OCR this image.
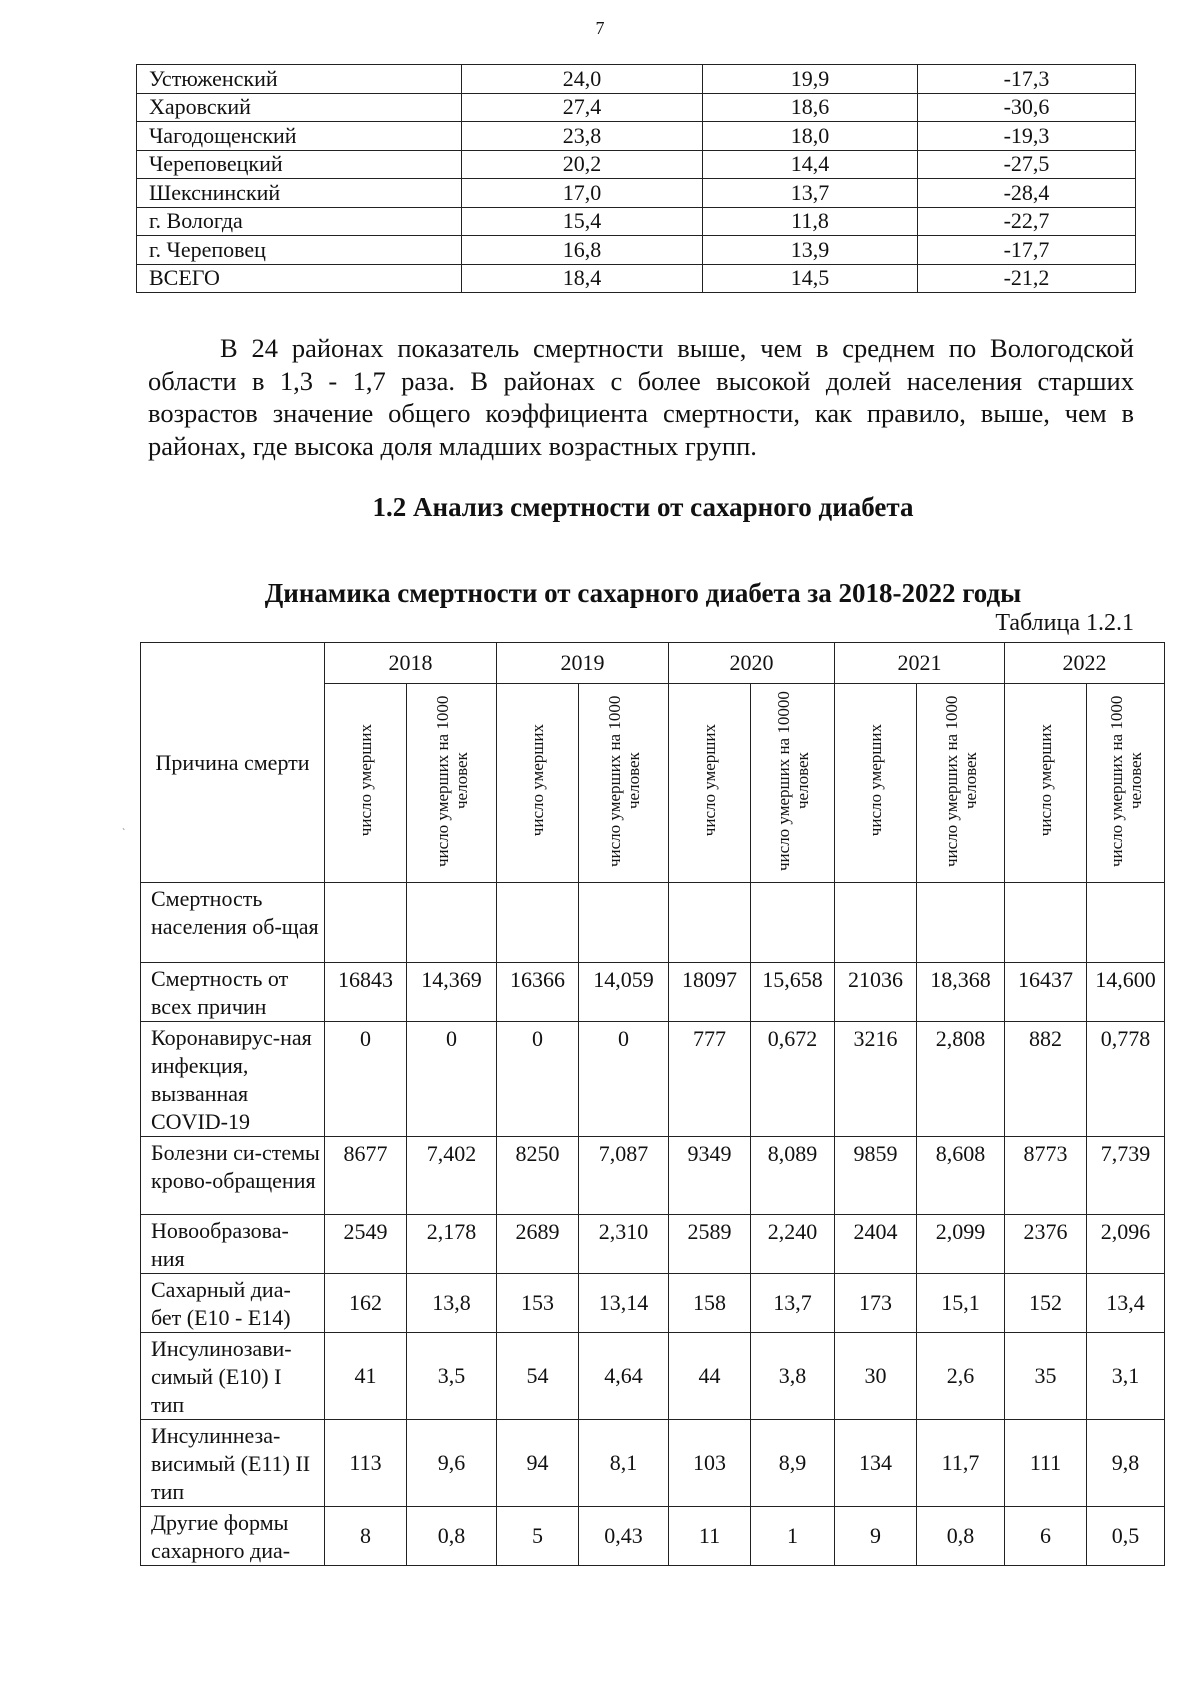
7
Устюженский	24,0	19,9	-17,3
Харовский	27,4	18,6	-30,6
Чагодощенский	23,8	18,0	-19,3
Череповецкий	20,2	14,4	-27,5
Шекснинский	17,0	13,7	-28,4
г. Вологда	15,4	11,8	-22,7
г. Череповец	16,8	13,9	-17,7
ВСЕГО	18,4	14,5	-21,2

В 24 районах показатель смертности выше, чем в среднем по Вологодской области в 1,3 - 1,7 раза. В районах с более высокой долей населения старших возрастов значение общего коэффициента смертности, как правило, выше, чем в районах, где высока доля младших возрастных групп.

1.2 Анализ смертности от сахарного диабета
Динамика смертности от сахарного диабета за 2018-2022 годы

Таблица 1.2.1

`
Причина смерти	2018		2019		2020		2021		2022	
	число умерших	число умерших на 1000 человек	число умерших	число умерших на 1000 человек	число умерших	число умерших на 10000 человек	число умерших	число умерших на 1000 человек	число умерших	число умерших на 1000 человек
Смертность населения об-щая										
Смертность от всех причин	16843	14,369	16366	14,059	18097	15,658	21036	18,368	16437	14,600
Коронавирус-ная инфекция, вызванная COVID-19	0	0	0	0	777	0,672	3216	2,808	882	0,778
Болезни си-стемы крово-обращения	8677	7,402	8250	7,087	9349	8,089	9859	8,608	8773	7,739
Новообразова-ния	2549	2,178	2689	2,310	2589	2,240	2404	2,099	2376	2,096
Сахарный диа-бет (Е10 - Е14)	162	13,8	153	13,14	158	13,7	173	15,1	152	13,4
Инсулинозави-симый (Е10) I тип	41	3,5	54	4,64	44	3,8	30	2,6	35	3,1
Инсулиннеза-висимый (Е11) II тип	113	9,6	94	8,1	103	8,9	134	11,7	111	9,8
Другие формы сахарного диа-	8	0,8	5	0,43	11	1	9	0,8	6	0,5
